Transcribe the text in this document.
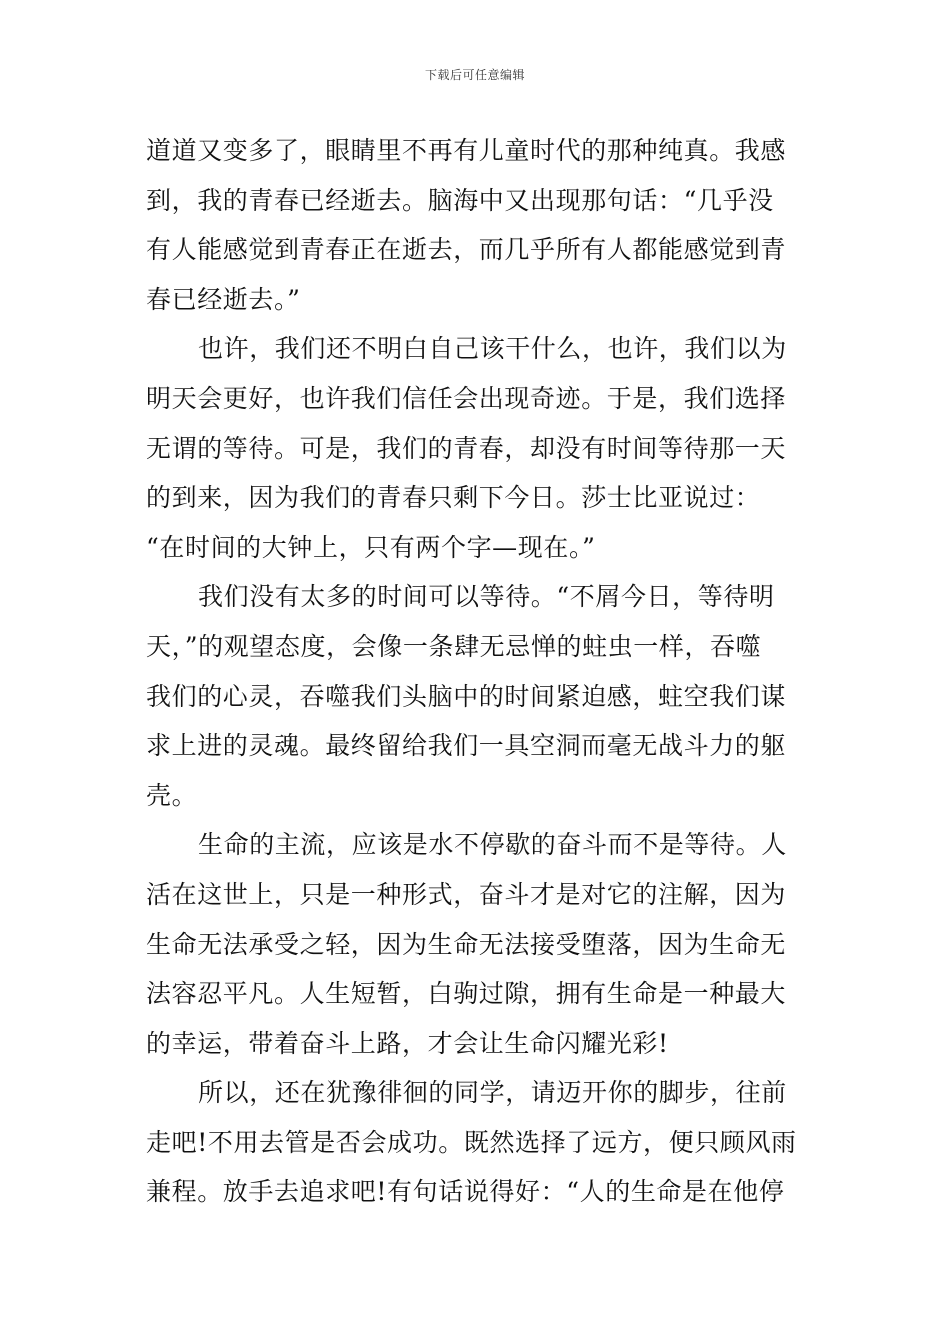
下载后可任意编辑
道道又变多了，眼睛里不再有儿童时代的那种纯真。我感
到，我的青春已经逝去。脑海中又出现那句话：“几乎没
有人能感觉到青春正在逝去，而几乎所有人都能感觉到青
春已经逝去。”
也许，我们还不明白自己该干什么，也许，我们以为
明天会更好，也许我们信任会出现奇迹。于是，我们选择
无谓的等待。可是，我们的青春，却没有时间等待那一天
的到来，因为我们的青春只剩下今日。莎士比亚说过：
“在时间的大钟上，只有两个字—现在。”
我们没有太多的时间可以等待。“不屑今日，等待明
天，”的观望态度，会像一条肆无忌惮的蛀虫一样，吞噬
我们的心灵，吞噬我们头脑中的时间紧迫感，蛀空我们谋
求上进的灵魂。最终留给我们一具空洞而毫无战斗力的躯
壳。
生命的主流，应该是水不停歇的奋斗而不是等待。人
活在这世上，只是一种形式，奋斗才是对它的注解，因为
生命无法承受之轻，因为生命无法接受堕落，因为生命无
法容忍平凡。人生短暂，白驹过隙，拥有生命是一种最大
的幸运，带着奋斗上路，才会让生命闪耀光彩!
所以，还在犹豫徘徊的同学，请迈开你的脚步，往前
走吧!不用去管是否会成功。既然选择了远方，便只顾风雨
兼程。放手去追求吧!有句话说得好：“人的生命是在他停
